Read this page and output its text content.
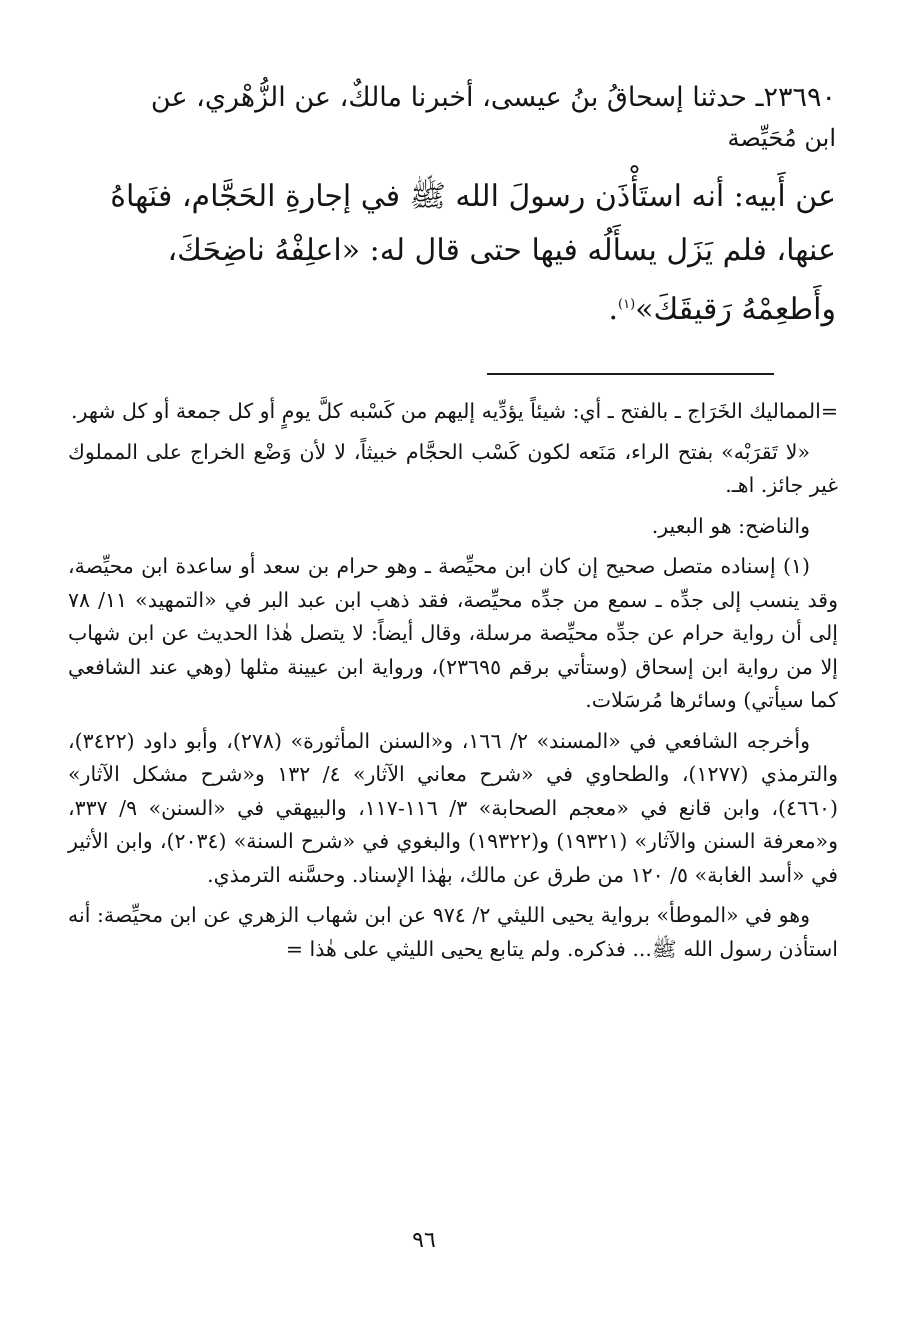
٢٣٦٩٠ـ حدثنا إسحاقُ بنُ عيسى، أخبرنا مالكٌ، عن الزُّهْري، عن

ابن مُحَيِّصة

عن أَبيه: أنه استَأْذَن رسولَ الله ﷺ في إجارةِ الحَجَّام، فنَهاهُ

عنها، فلم يَزَل يسأَلُه فيها حتى قال له: «اعلِفْهُ ناضِحَكَ،

وأَطعِمْهُ رَقيقَكَ»$^{(١)}$.

=المماليك الخَرَاج ـ بالفتح ـ أي: شيئاً يؤدِّيه إليهم من كَسْبه كلَّ يومٍ أو كل جمعة أو كل شهر.

«لا تَقرَبْه» بفتح الراء، مَنَعه لكون كَسْب الحجَّام خبيثاً، لا لأن وَضْع الخراج على المملوك غير جائز. اهـ.

والناضح: هو البعير.

(١) إسناده متصل صحيح إن كان ابن محيِّصة ـ وهو حرام بن سعد أو ساعدة ابن محيِّصة، وقد ينسب إلى جدِّه ـ سمع من جدِّه محيِّصة، فقد ذهب ابن عبد البر في «التمهيد» ١١/ ٧٨ إلى أن رواية حرام عن جدِّه محيِّصة مرسلة، وقال أيضاً: لا يتصل هٰذا الحديث عن ابن شهاب إلا من رواية ابن إسحاق (وستأتي برقم ٢٣٦٩٥)، ورواية ابن عيينة مثلها (وهي عند الشافعي كما سيأتي) وسائرها مُرسَلات.

وأخرجه الشافعي في «المسند» ٢/ ١٦٦، و«السنن المأثورة» (٢٧٨)، وأبو داود (٣٤٢٢)، والترمذي (١٢٧٧)، والطحاوي في «شرح معاني الآثار» ٤/ ١٣٢ و«شرح مشكل الآثار» (٤٦٦٠)، وابن قانع في «معجم الصحابة» ٣/ ١١٦-١١٧، والبيهقي في «السنن» ٩/ ٣٣٧، و«معرفة السنن والآثار» (١٩٣٢١) و(١٩٣٢٢) والبغوي في «شرح السنة» (٢٠٣٤)، وابن الأثير في «أسد الغابة» ٥/ ١٢٠ من طرق عن مالك، بهٰذا الإسناد. وحسَّنه الترمذي.

وهو في «الموطأ» برواية يحيى الليثي ٢/ ٩٧٤ عن ابن شهاب الزهري عن ابن محيِّصة: أنه استأذن رسول الله ﷺ... فذكره. ولم يتابع يحيى الليثي على هٰذا =

٩٦
